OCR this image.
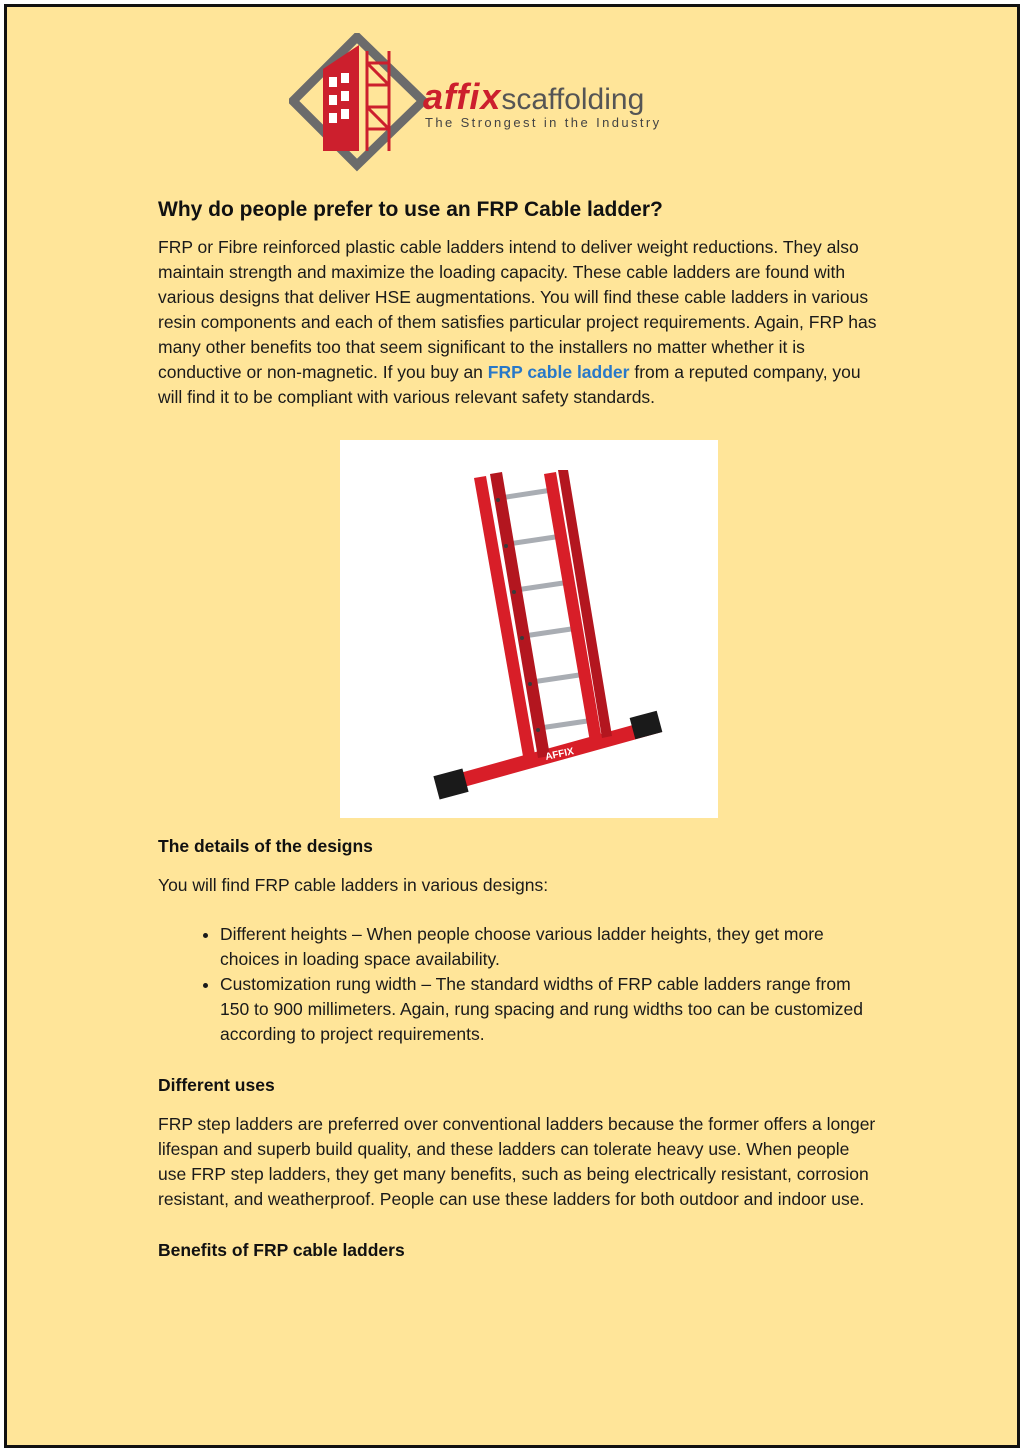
affixscaffolding
The Strongest in the Industry
Why do people prefer to use an FRP Cable ladder?

FRP or Fibre reinforced plastic cable ladders intend to deliver weight reductions. They also maintain strength and maximize the loading capacity. These cable ladders are found with various designs that deliver HSE augmentations. You will find these cable ladders in various resin components and each of them satisfies particular project requirements. Again, FRP has many other benefits too that seem significant to the installers no matter whether it is conductive or non-magnetic. If you buy an FRP cable ladder from a reputed company, you will find it to be compliant with various relevant safety standards.

AFFIX
The details of the designs

You will find FRP cable ladders in various designs:

• Different heights – When people choose various ladder heights, they get more choices in loading space availability.
• Customization rung width – The standard widths of FRP cable ladders range from 150 to 900 millimeters. Again, rung spacing and rung widths too can be customized according to project requirements.
Different uses

FRP step ladders are preferred over conventional ladders because the former offers a longer lifespan and superb build quality, and these ladders can tolerate heavy use. When people use FRP step ladders, they get many benefits, such as being electrically resistant, corrosion resistant, and weatherproof. People can use these ladders for both outdoor and indoor use.

Benefits of FRP cable ladders
